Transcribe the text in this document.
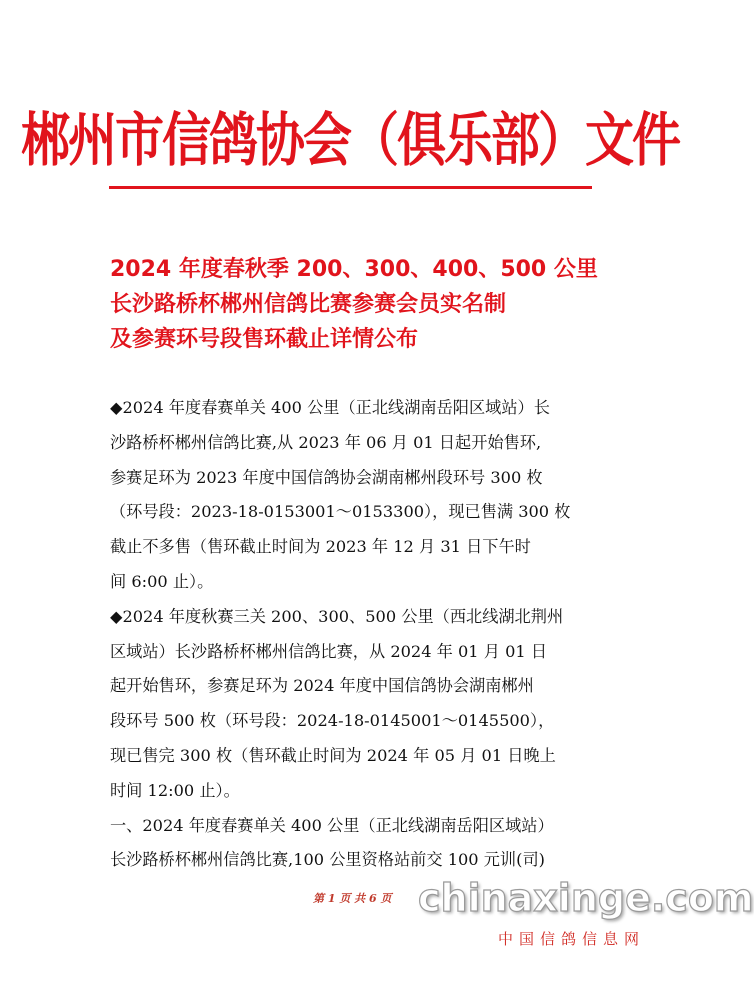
郴州市信鸽协会（俱乐部）文件
2024 年度春秋季 200、300、400、500 公里
长沙路桥杯郴州信鸽比赛参赛会员实名制
及参赛环号段售环截止详情公布
◆2024 年度春赛单关 400 公里（正北线湖南岳阳区域站）长
沙路桥杯郴州信鸽比赛,从 2023 年 06 月 01 日起开始售环,
参赛足环为 2023 年度中国信鸽协会湖南郴州段环号 300 枚
（环号段：2023-18-0153001～0153300），现已售满 300 枚
截止不多售（售环截止时间为 2023 年 12 月 31 日下午时
间 6:00 止）。
◆2024 年度秋赛三关 200、300、500 公里（西北线湖北荆州
区域站）长沙路桥杯郴州信鸽比赛，从 2024 年 01 月 01 日
起开始售环，参赛足环为 2024 年度中国信鸽协会湖南郴州
段环号 500 枚（环号段：2024-18-0145001～0145500），
现已售完 300 枚（售环截止时间为 2024 年 05 月 01 日晚上
时间 12:00 止）。
一、2024 年度春赛单关 400 公里（正北线湖南岳阳区域站）
长沙路桥杯郴州信鸽比赛,100 公里资格站前交 100 元训(司)
第 1 页 共 6 页 chinaxinge.com
中国信鸽信息网
